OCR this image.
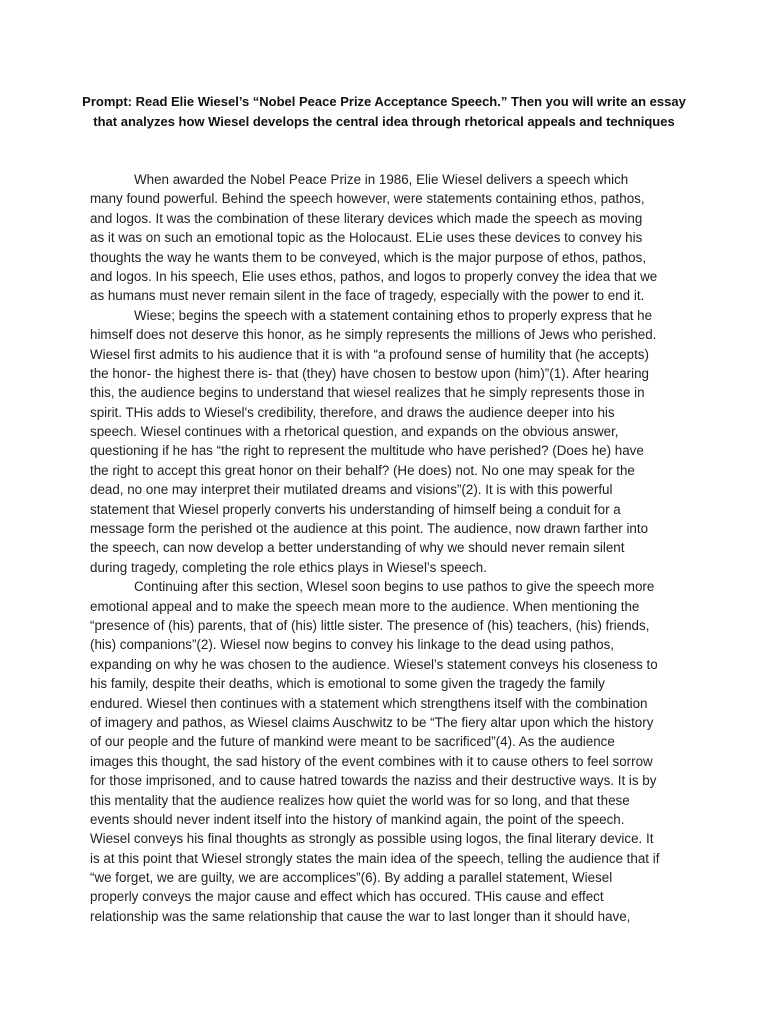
Prompt: Read Elie Wiesel’s “Nobel Peace Prize Acceptance Speech.” Then you will write an essay that analyzes how Wiesel develops the central idea through rhetorical appeals and techniques

When awarded the Nobel Peace Prize in 1986, Elie Wiesel delivers a speech which
many found powerful. Behind the speech however, were statements containing ethos, pathos,
and logos. It was the combination of these literary devices which made the speech as moving
as it was on such an emotional topic as the Holocaust. ELie uses these devices to convey his
thoughts the way he wants them to be conveyed, which is the major purpose of ethos, pathos,
and logos. In his speech, Elie uses ethos, pathos, and logos to properly convey the idea that we
as humans must never remain silent in the face of tragedy, especially with the power to end it.
Wiese; begins the speech with a statement containing ethos to properly express that he
himself does not deserve this honor, as he simply represents the millions of Jews who perished.
Wiesel first admits to his audience that it is with “a profound sense of humility that (he accepts)
the honor- the highest there is- that (they) have chosen to bestow upon (him)”(1). After hearing
this, the audience begins to understand that wiesel realizes that he simply represents those in
spirit. THis adds to Wiesel's credibility, therefore, and draws the audience deeper into his
speech. Wiesel continues with a rhetorical question, and expands on the obvious answer,
questioning if he has “the right to represent the multitude who have perished? (Does he) have
the right to accept this great honor on their behalf? (He does) not. No one may speak for the
dead, no one may interpret their mutilated dreams and visions”(2). It is with this powerful
statement that Wiesel properly converts his understanding of himself being a conduit for a
message form the perished ot the audience at this point. The audience, now drawn farther into
the speech, can now develop a better understanding of why we should never remain silent
during tragedy, completing the role ethics plays in Wiesel’s speech.
Continuing after this section, WIesel soon begins to use pathos to give the speech more
emotional appeal and to make the speech mean more to the audience. When mentioning the
“presence of (his) parents, that of (his) little sister. The presence of (his) teachers, (his) friends,
(his) companions”(2). Wiesel now begins to convey his linkage to the dead using pathos,
expanding on why he was chosen to the audience. Wiesel’s statement conveys his closeness to
his family, despite their deaths, which is emotional to some given the tragedy the family
endured. Wiesel then continues with a statement which strengthens itself with the combination
of imagery and pathos, as Wiesel claims Auschwitz to be “The fiery altar upon which the history
of our people and the future of mankind were meant to be sacrificed”(4). As the audience
images this thought, the sad history of the event combines with it to cause others to feel sorrow
for those imprisoned, and to cause hatred towards the naziss and their destructive ways. It is by
this mentality that the audience realizes how quiet the world was for so long, and that these
events should never indent itself into the history of mankind again, the point of the speech.
Wiesel conveys his final thoughts as strongly as possible using logos, the final literary device. It
is at this point that Wiesel strongly states the main idea of the speech, telling the audience that if
“we forget, we are guilty, we are accomplices”(6). By adding a parallel statement, Wiesel
properly conveys the major cause and effect which has occured. THis cause and effect
relationship was the same relationship that cause the war to last longer than it should have,
